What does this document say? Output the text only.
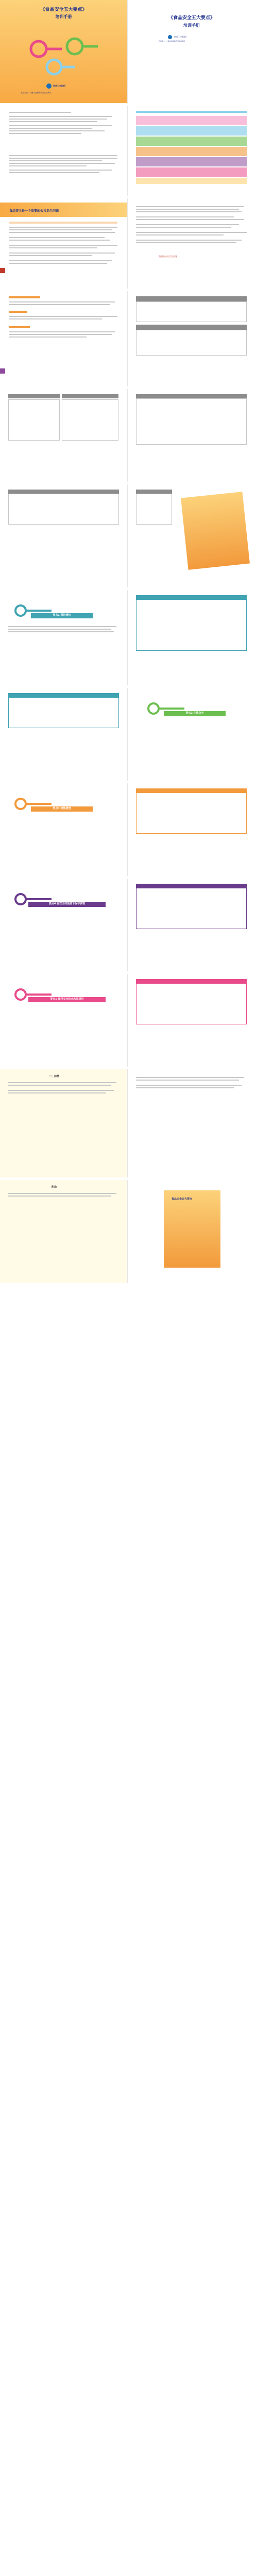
《食品安全五大要点》
培训手册
世界卫生组织
食品安全、人畜共患病和食源性疾病司
《食品安全五大要点》
培训手册
世界卫生组织
食品安全、人畜共患病和食源性疾病司
食品安全是一个重要的公共卫生问题
重要的公共卫生问题
要点1 保持清洁
要点2 生熟分开
要点3 烧熟煮透
要点4 在安全的温度下保存食物
要点5 使用安全的水和原材料
一、前测
附录
食品安全五大要点
